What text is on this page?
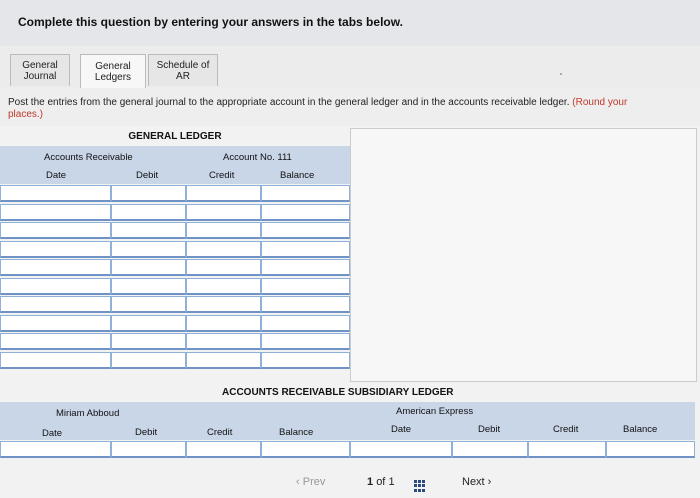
Complete this question by entering your answers in the tabs below.
General
Journal
General
Ledgers
Schedule of
AR
Post the entries from the general journal to the appropriate account in the general ledger and in the accounts receivable ledger. (Round your
places.)
GENERAL LEDGER
Accounts Receivable	Account No. 111
Date	Debit	Credit	Balance
ACCOUNTS RECEIVABLE SUBSIDIARY LEDGER
Miriam Abboud	American Express
Date	Debit	Credit	Balance	Date	Debit	Credit	Balance
‹ Prev	1 of 1	Next ›
